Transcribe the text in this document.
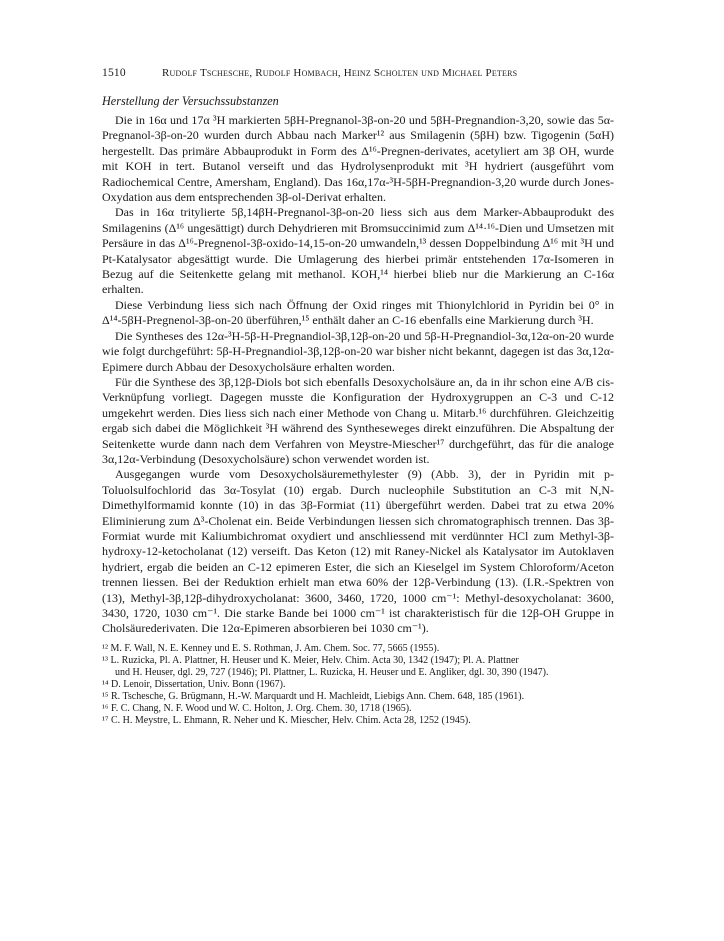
1510	Rudolf Tschesche, Rudolf Hombach, Heinz Scholten und Michael Peters
Herstellung der Versuchssubstanzen

Die in 16α und 17α ³H markierten 5βH-Pregnanol-3β-on-20 und 5βH-Pregnandion-3,20, sowie das 5α-Pregnanol-3β-on-20 wurden durch Abbau nach Marker¹² aus Smilagenin (5βH) bzw. Tigogenin (5αH) hergestellt. Das primäre Abbauprodukt in Form des Δ¹⁶-Pregnen-derivates, acetyliert am 3β OH, wurde mit KOH in tert. Butanol verseift und das Hydrolysenprodukt mit ³H hydriert (ausgeführt vom Radiochemical Centre, Amersham, England). Das 16α,17α-³H-5βH-Pregnandion-3,20 wurde durch Jones-Oxydation aus dem entsprechenden 3β-ol-Derivat erhalten.

Das in 16α tritylierte 5β,14βH-Pregnanol-3β-on-20 liess sich aus dem Marker-Abbauprodukt des Smilagenins (Δ¹⁶ ungesättigt) durch Dehydrieren mit Bromsuccinimid zum Δ¹⁴·¹⁶-Dien und Umsetzen mit Persäure in das Δ¹⁶-Pregnenol-3β-oxido-14,15-on-20 umwandeln,¹³ dessen Doppelbindung Δ¹⁶ mit ³H und Pt-Katalysator abgesättigt wurde. Die Umlagerung des hierbei primär entstehenden 17α-Isomeren in Bezug auf die Seitenkette gelang mit methanol. KOH,¹⁴ hierbei blieb nur die Markierung an C-16α erhalten.

Diese Verbindung liess sich nach Öffnung der Oxid ringes mit Thionylchlorid in Pyridin bei 0° in Δ¹⁴-5βH-Pregnenol-3β-on-20 überführen,¹⁵ enthält daher an C-16 ebenfalls eine Markierung durch ³H.

Die Syntheses des 12α-³H-5β-H-Pregnandiol-3β,12β-on-20 und 5β-H-Pregnandiol-3α,12α-on-20 wurde wie folgt durchgeführt: 5β-H-Pregnandiol-3β,12β-on-20 war bisher nicht bekannt, dagegen ist das 3α,12α-Epimere durch Abbau der Desoxycholsäure erhalten worden.

Für die Synthese des 3β,12β-Diols bot sich ebenfalls Desoxycholsäure an, da in ihr schon eine A/B cis-Verknüpfung vorliegt. Dagegen musste die Konfiguration der Hydroxygruppen an C-3 und C-12 umgekehrt werden. Dies liess sich nach einer Methode von Chang u. Mitarb.¹⁶ durchführen. Gleichzeitig ergab sich dabei die Möglichkeit ³H während des Syntheseweges direkt einzuführen. Die Abspaltung der Seitenkette wurde dann nach dem Verfahren von Meystre-Miescher¹⁷ durchgeführt, das für die analoge 3α,12α-Verbindung (Desoxycholsäure) schon verwendet worden ist.

Ausgegangen wurde vom Desoxycholsäuremethylester (9) (Abb. 3), der in Pyridin mit p-Toluolsulfochlorid das 3α-Tosylat (10) ergab. Durch nucleophile Substitution an C-3 mit N,N-Dimethylformamid konnte (10) in das 3β-Formiat (11) übergeführt werden. Dabei trat zu etwa 20% Eliminierung zum Δ³-Cholenat ein. Beide Verbindungen liessen sich chromatographisch trennen. Das 3β-Formiat wurde mit Kaliumbichromat oxydiert und anschliessend mit verdünnter HCl zum Methyl-3β-hydroxy-12-ketocholanat (12) verseift. Das Keton (12) mit Raney-Nickel als Katalysator im Autoklaven hydriert, ergab die beiden an C-12 epimeren Ester, die sich an Kieselgel im System Chloroform/Aceton trennen liessen. Bei der Reduktion erhielt man etwa 60% der 12β-Verbindung (13). (I.R.-Spektren von (13), Methyl-3β,12β-dihydroxycholanat: 3600, 3460, 1720, 1000 cm⁻¹: Methyl-desoxycholanat: 3600, 3430, 1720, 1030 cm⁻¹. Die starke Bande bei 1000 cm⁻¹ ist charakteristisch für die 12β-OH Gruppe in Cholsäurederivaten. Die 12α-Epimeren absorbieren bei 1030 cm⁻¹).

¹² M. F. Wall, N. E. Kenney und E. S. Rothman, J. Am. Chem. Soc. 77, 5665 (1955).
¹³ L. Ruzicka, Pl. A. Plattner, H. Heuser und K. Meier, Helv. Chim. Acta 30, 1342 (1947); Pl. A. Plattner
und H. Heuser, dgl. 29, 727 (1946); Pl. Plattner, L. Ruzicka, H. Heuser und E. Angliker, dgl. 30, 390 (1947).
¹⁴ D. Lenoir, Dissertation, Univ. Bonn (1967).
¹⁵ R. Tschesche, G. Brügmann, H.-W. Marquardt und H. Machleidt, Liebigs Ann. Chem. 648, 185 (1961).
¹⁶ F. C. Chang, N. F. Wood und W. C. Holton, J. Org. Chem. 30, 1718 (1965).
¹⁷ C. H. Meystre, L. Ehmann, R. Neher und K. Miescher, Helv. Chim. Acta 28, 1252 (1945).
